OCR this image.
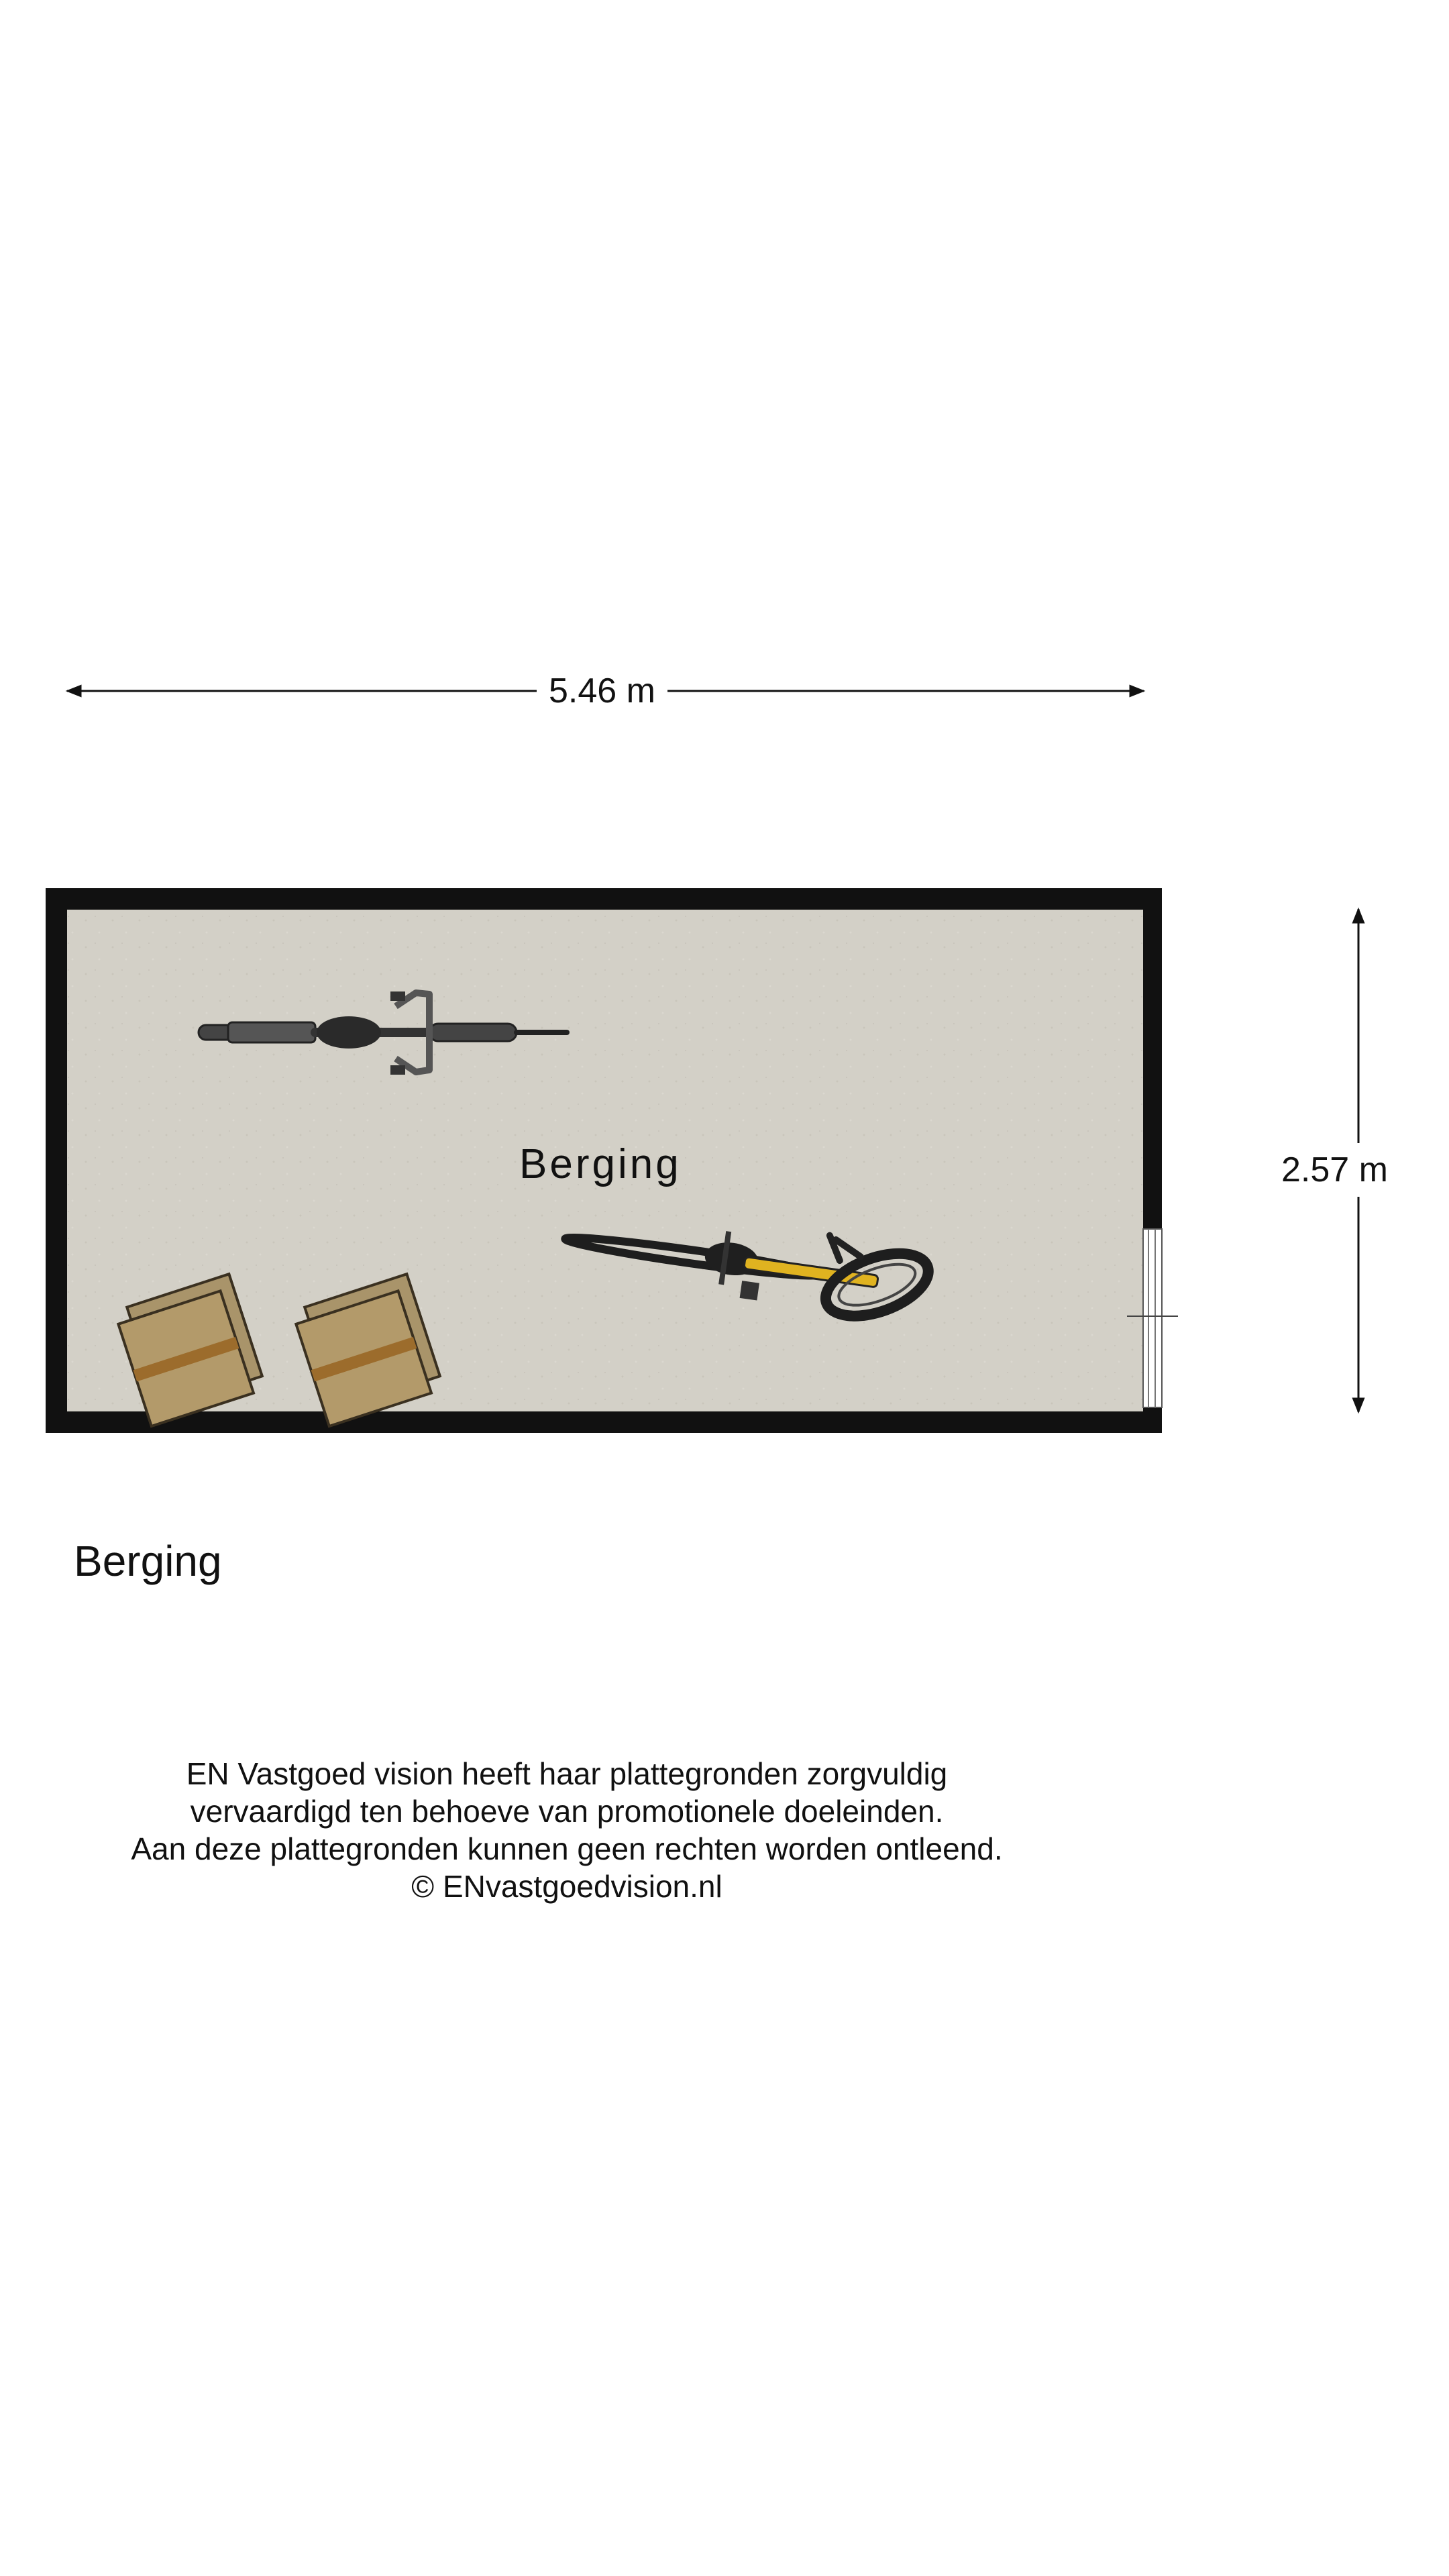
5.46 m
2.57 m
Berging
Berging
EN Vastgoed vision heeft haar plattegronden zorgvuldig
vervaardigd ten behoeve van promotionele doeleinden.
Aan deze plattegronden kunnen geen rechten worden ontleend.
© ENvastgoedvision.nl
